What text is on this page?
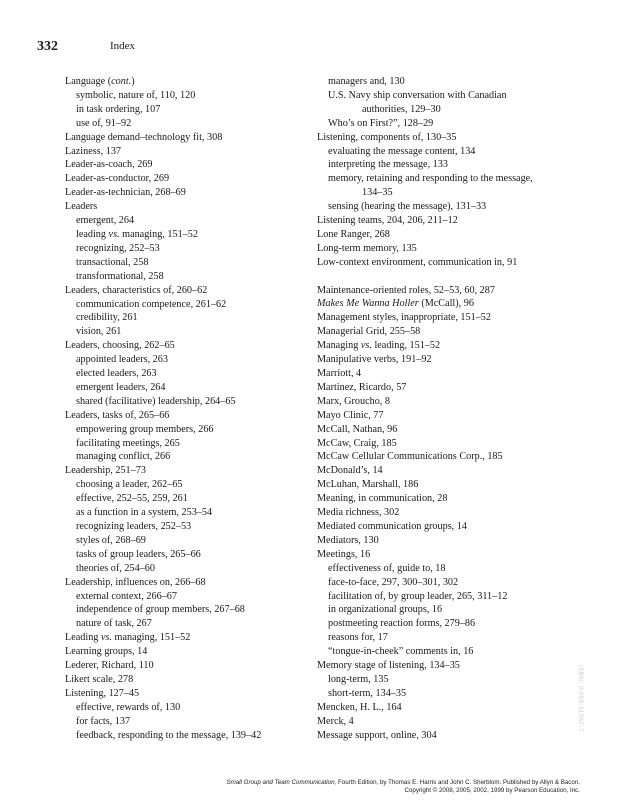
332	Index
Language (cont.)
symbolic, nature of, 110, 120
in task ordering, 107
use of, 91–92
Language demand–technology fit, 308
Laziness, 137
Leader-as-coach, 269
Leader-as-conductor, 269
Leader-as-technician, 268–69
Leaders
emergent, 264
leading vs. managing, 151–52
recognizing, 252–53
transactional, 258
transformational, 258
Leaders, characteristics of, 260–62
communication competence, 261–62
credibility, 261
vision, 261
Leaders, choosing, 262–65
appointed leaders, 263
elected leaders, 263
emergent leaders, 264
shared (facilitative) leadership, 264–65
Leaders, tasks of, 265–66
empowering group members, 266
facilitating meetings, 265
managing conflict, 266
Leadership, 251–73
choosing a leader, 262–65
effective, 252–55, 259, 261
as a function in a system, 253–54
recognizing leaders, 252–53
styles of, 268–69
tasks of group leaders, 265–66
theories of, 254–60
Leadership, influences on, 266–68
external context, 266–67
independence of group members, 267–68
nature of task, 267
Leading vs. managing, 151–52
Learning groups, 14
Lederer, Richard, 110
Likert scale, 278
Listening, 127–45
effective, rewards of, 130
for facts, 137
feedback, responding to the message, 139–42
managers and, 130
U.S. Navy ship conversation with Canadian
authorities, 129–30
Who’s on First?”, 128–29
Listening, components of, 130–35
evaluating the message content, 134
interpreting the message, 133
memory, retaining and responding to the message,
134–35
sensing (hearing the message), 131–33
Listening teams, 204, 206, 211–12
Lone Ranger, 268
Long-term memory, 135
Low-context environment, communication in, 91
Maintenance-oriented roles, 52–53, 60, 287
Makes Me Wanna Holler (McCall), 96
Management styles, inappropriate, 151–52
Managerial Grid, 255–58
Managing vs. leading, 151–52
Manipulative verbs, 191–92
Marriott, 4
Martinez, Ricardo, 57
Marx, Groucho, 8
Mayo Clinic, 77
McCall, Nathan, 96
McCaw, Craig, 185
McCaw Cellular Communications Corp., 185
McDonald’s, 14
McLuhan, Marshall, 186
Meaning, in communication, 28
Media richness, 302
Mediated communication groups, 14
Mediators, 130
Meetings, 16
effectiveness of, guide to, 18
face-to-face, 297, 300–301, 302
facilitation of, by group leader, 265, 311–12
in organizational groups, 16
postmeeting reaction forms, 279–86
reasons for, 17
“tongue-in-cheek” comments in, 16
Memory stage of listening, 134–35
long-term, 135
short-term, 134–35
Mencken, H. L., 164
Merck, 4
Message support, online, 304
Small Group and Team Communication, Fourth Edition, by Thomas E. Harris and John C. Sherblom. Published by Allyn & Bacon.
Copyright © 2008, 2005, 2002, 1999 by Pearson Education, Inc.
ISBN: 0-558-11362-7
